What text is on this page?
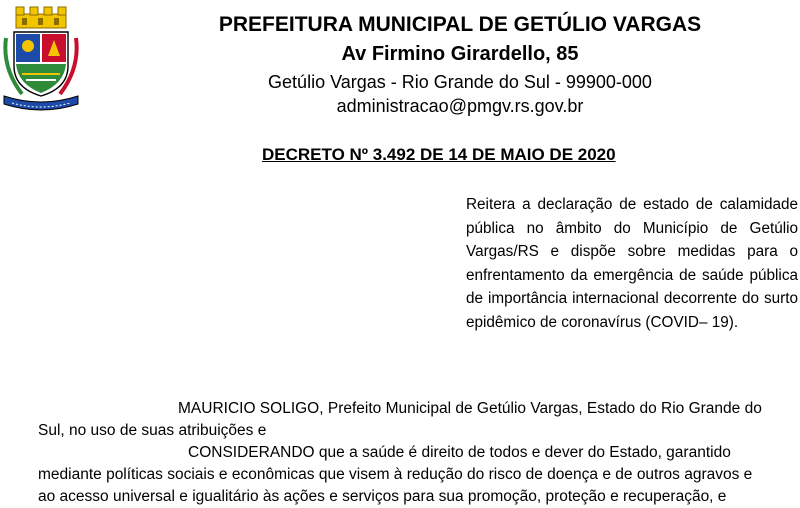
PREFEITURA MUNICIPAL DE GETÚLIO VARGAS

Av Firmino Girardello, 85

Getúlio Vargas - Rio Grande do Sul - 99900-000

administracao@pmgv.rs.gov.br

DECRETO Nº 3.492 DE 14 DE MAIO DE 2020

Reitera a declaração de estado de calamidade pública no âmbito do Município de Getúlio Vargas/RS e dispõe sobre medidas para o enfrentamento da emergência de saúde pública de importância internacional decorrente do surto epidêmico de coronavírus (COVID– 19).

MAURICIO SOLIGO, Prefeito Municipal de Getúlio Vargas, Estado do Rio Grande do
Sul, no uso de suas atribuições e
CONSIDERANDO que a saúde é direito de todos e dever do Estado, garantido
mediante políticas sociais e econômicas que visem à redução do risco de doença e de outros agravos e
ao acesso universal e igualitário às ações e serviços para sua promoção, proteção e recuperação, e
